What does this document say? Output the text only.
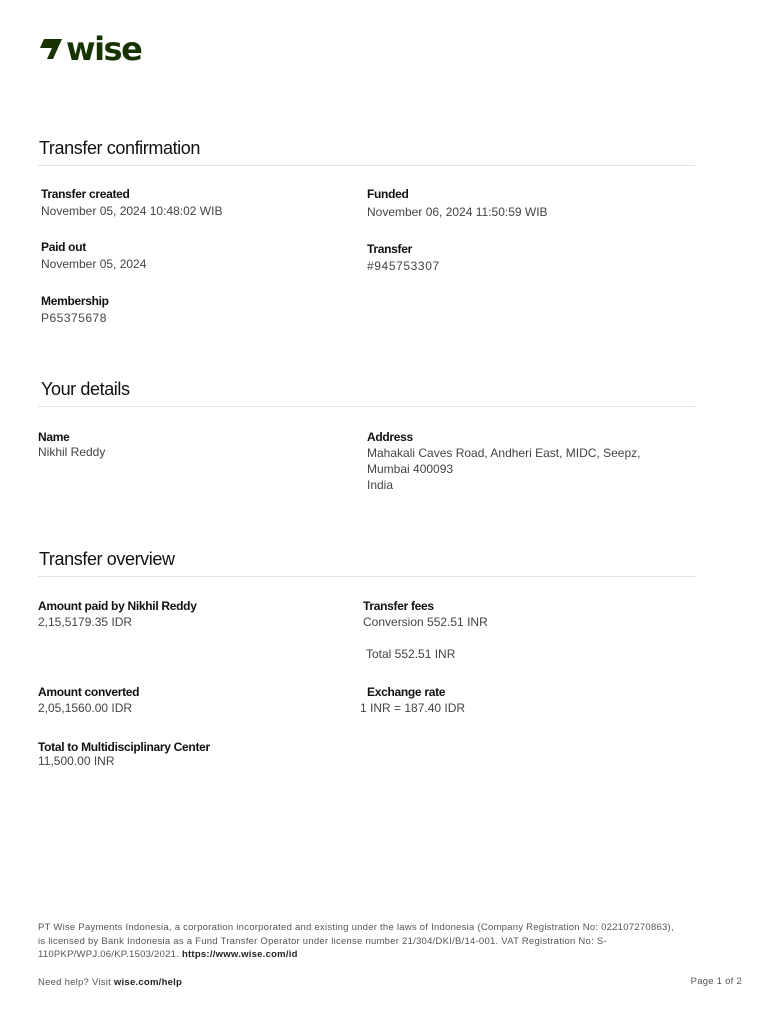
wise
Transfer confirmation
Transfer created
November 05, 2024 10:48:02 WIB
Funded
November 06, 2024 11:50:59 WIB
Paid out
November 05, 2024
Transfer
#945753307
Membership
P65375678
Your details
Name
Nikhil Reddy
Address
Mahakali Caves Road, Andheri East, MIDC, Seepz,
Mumbai 400093
India
Transfer overview
Amount paid by Nikhil Reddy
2,15,5179.35 IDR
Transfer fees
Conversion 552.51 INR
Total 552.51 INR
Amount converted
2,05,1560.00 IDR
Exchange rate
1 INR = 187.40 IDR
Total to Multidisciplinary Center
11,500.00 INR
PT Wise Payments Indonesia, a corporation incorporated and existing under the laws of Indonesia (Company Registration No: 022107270863), is licensed by Bank Indonesia as a Fund Transfer Operator under license number 21/304/DKI/B/14-001. VAT Registration No: S-110PKP/WPJ.06/KP.1503/2021. https://www.wise.com/id
Need help? Visit wise.com/help	Page 1 of 2
